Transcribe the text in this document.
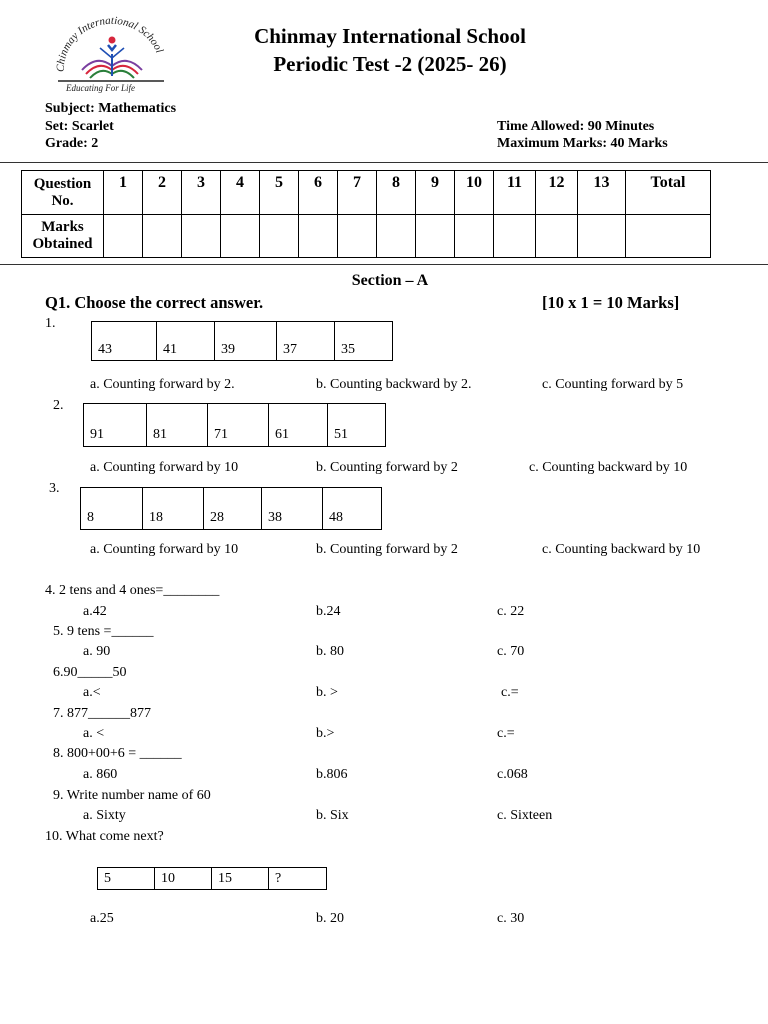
Chinmay International School
Educating For Life
Chinmay International School
Periodic Test -2 (2025- 26)
Subject: Mathematics
Set: Scarlet
Grade: 2
Time Allowed: 90 Minutes
Maximum Marks: 40 Marks
Question No.	1	2	3	4	5	6	7	8	9	10	11	12	13	Total
Marks Obtained														
Section – A
Q1. Choose the correct answer.	[10 x 1 = 10 Marks]
1.
43	41	39	37	35
a. Counting forward by 2.	b. Counting backward by 2.	c. Counting forward by 5
2.
91	81	71	61	51
a. Counting forward by 10	b. Counting forward by 2	c. Counting backward by 10
3.
8	18	28	38	48
a. Counting forward by 10	b. Counting forward by 2	c. Counting backward by 10
4. 2 tens and 4 ones=________
a.42	b.24	c. 22
5. 9 tens =______
a. 90	b. 80	c. 70
6.90_____50
a.<	b. >	c.=
7. 877______877
a. <	b.>	c.=
8. 800+00+6 = ______
a. 860	b.806	c.068
9. Write number name of 60
a. Sixty	b. Six	c. Sixteen
10. What come next?
5	10	15	?
a.25	b. 20	c. 30
